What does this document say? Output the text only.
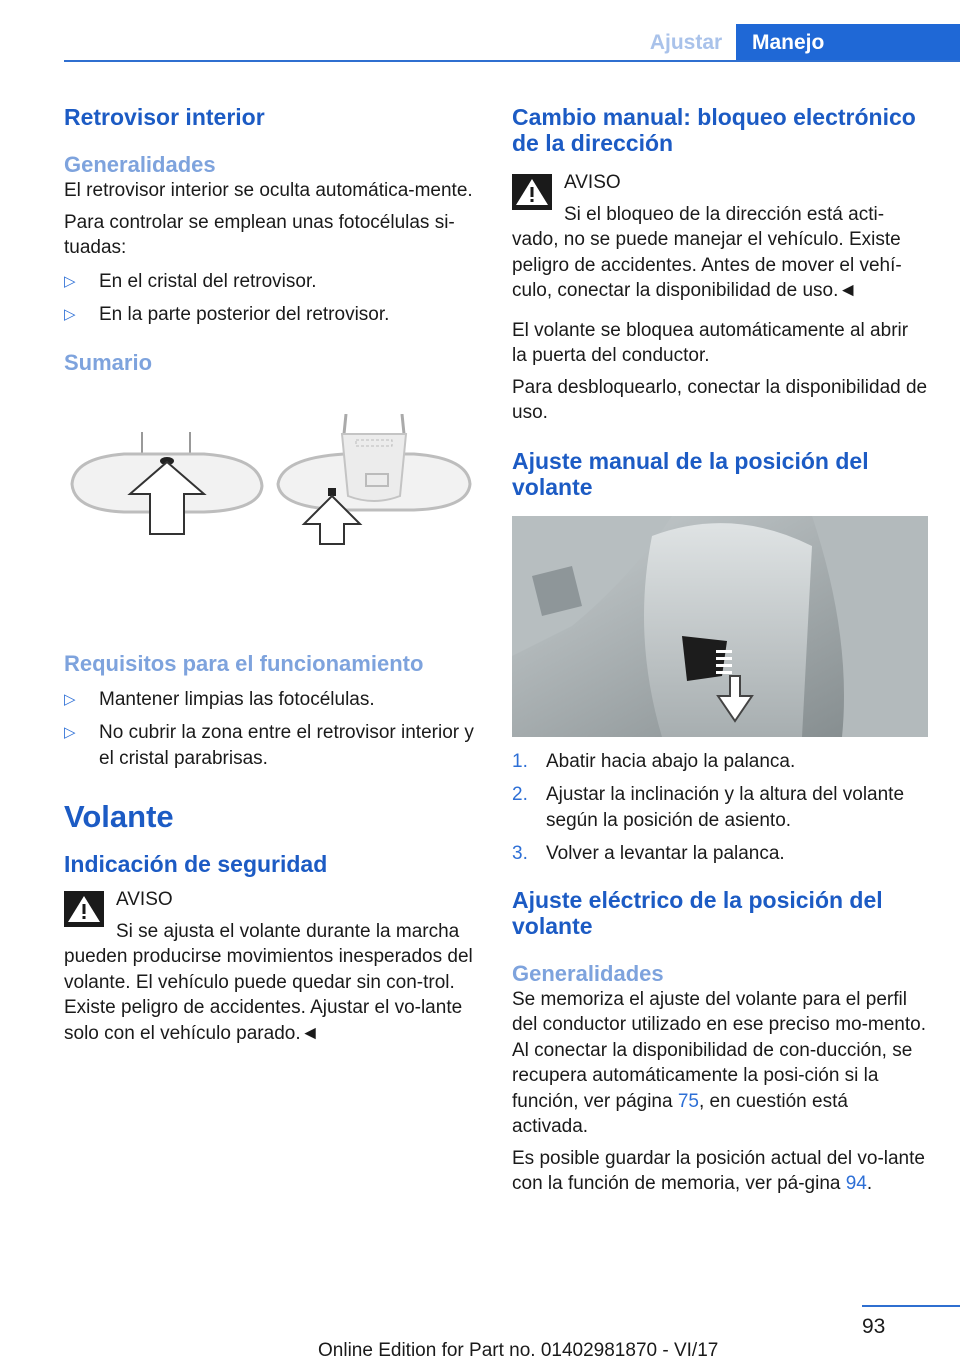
Ajustar	Manejo
Retrovisor interior
Generalidades

El retrovisor interior se oculta automática-mente.

Para controlar se emplean unas fotocélulas si-tuadas:

▷ En el cristal del retrovisor.
▷ En la parte posterior del retrovisor.
Sumario
Requisitos para el funcionamiento
▷ Mantener limpias las fotocélulas.
▷ No cubrir la zona entre el retrovisor interior y el cristal parabrisas.
Volante
Indicación de seguridad

AVISO

Si se ajusta el volante durante la marcha

pueden producirse movimientos inesperados del volante. El vehículo puede quedar sin con-trol. Existe peligro de accidentes. Ajustar el vo-lante solo con el vehículo parado.◄

Cambio manual: bloqueo electrónico de la dirección

AVISO

Si el bloqueo de la dirección está acti-

vado, no se puede manejar el vehículo. Existe peligro de accidentes. Antes de mover el vehí-culo, conectar la disponibilidad de uso.◄

El volante se bloquea automáticamente al abrir la puerta del conductor.

Para desbloquearlo, conectar la disponibilidad de uso.

Ajuste manual de la posición del volante
1. Abatir hacia abajo la palanca.
2. Ajustar la inclinación y la altura del volante según la posición de asiento.
3. Volver a levantar la palanca.
Ajuste eléctrico de la posición del volante
Generalidades

Se memoriza el ajuste del volante para el perfil del conductor utilizado en ese preciso mo-mento. Al conectar la disponibilidad de con-ducción, se recupera automáticamente la posi-ción si la función, ver página 75, en cuestión está activada.

Es posible guardar la posición actual del vo-lante con la función de memoria, ver pá-gina 94.

93
Online Edition for Part no. 01402981870 - VI/17
